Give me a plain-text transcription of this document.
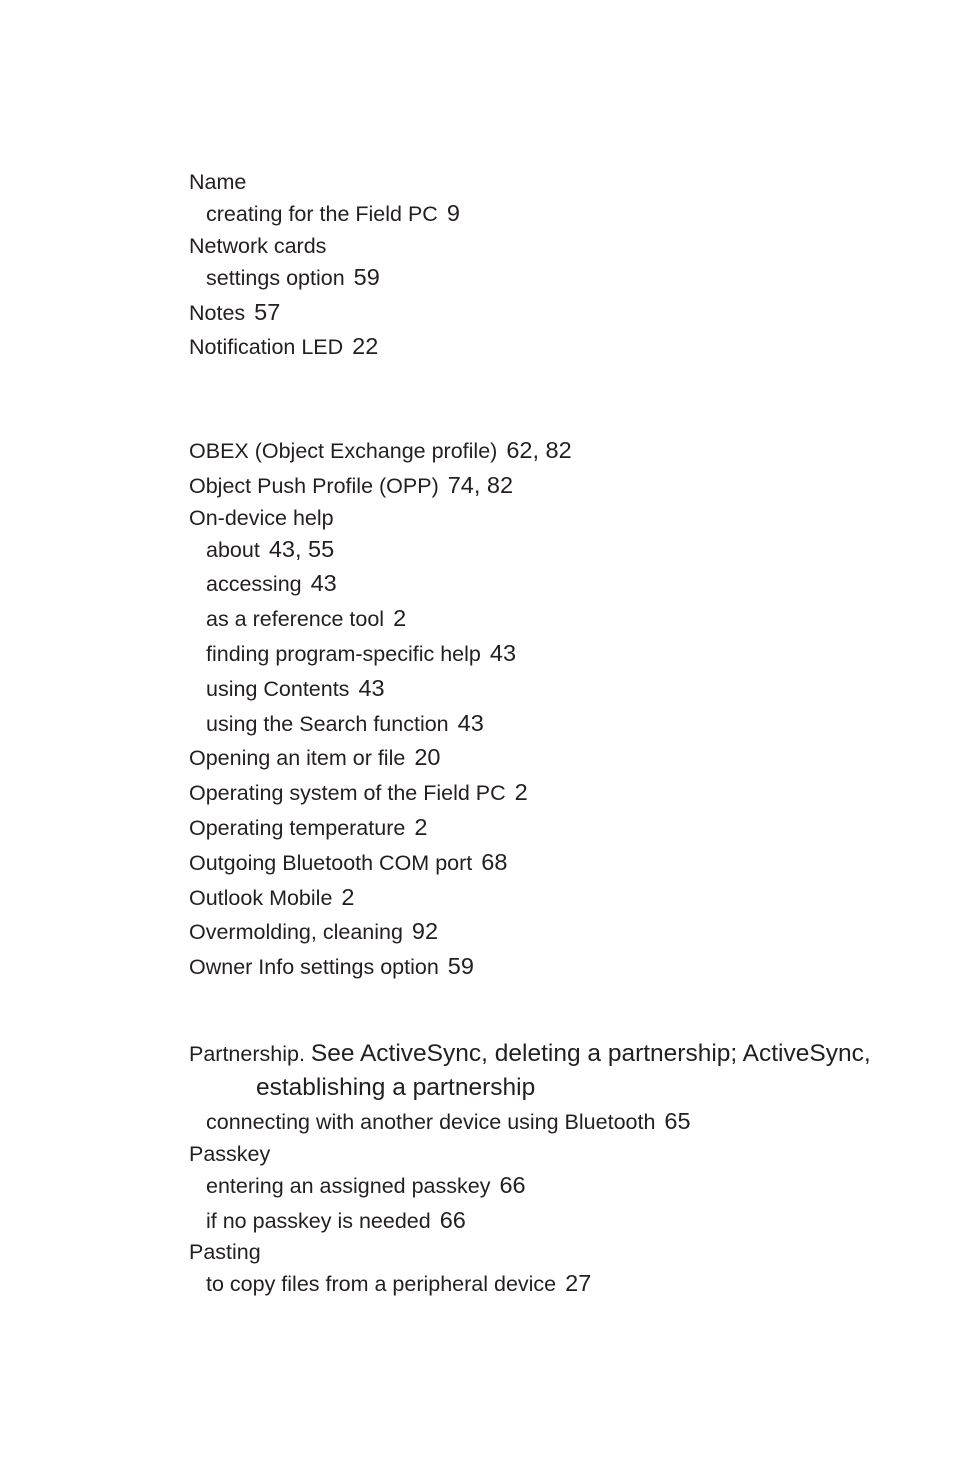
Name
creating for the Field PC 9
Network cards
settings option 59
Notes 57
Notification LED 22
OBEX (Object Exchange profile) 62, 82
Object Push Profile (OPP) 74, 82
On-device help
about 43, 55
accessing 43
as a reference tool 2
finding program-specific help 43
using Contents 43
using the Search function 43
Opening an item or file 20
Operating system of the Field PC 2
Operating temperature 2
Outgoing Bluetooth COM port 68
Outlook Mobile 2
Overmolding, cleaning 92
Owner Info settings option 59
Partnership. See ActiveSync, deleting a partnership; ActiveSync, establishing a partnership
connecting with another device using Bluetooth 65
Passkey
entering an assigned passkey 66
if no passkey is needed 66
Pasting
to copy files from a peripheral device 27
